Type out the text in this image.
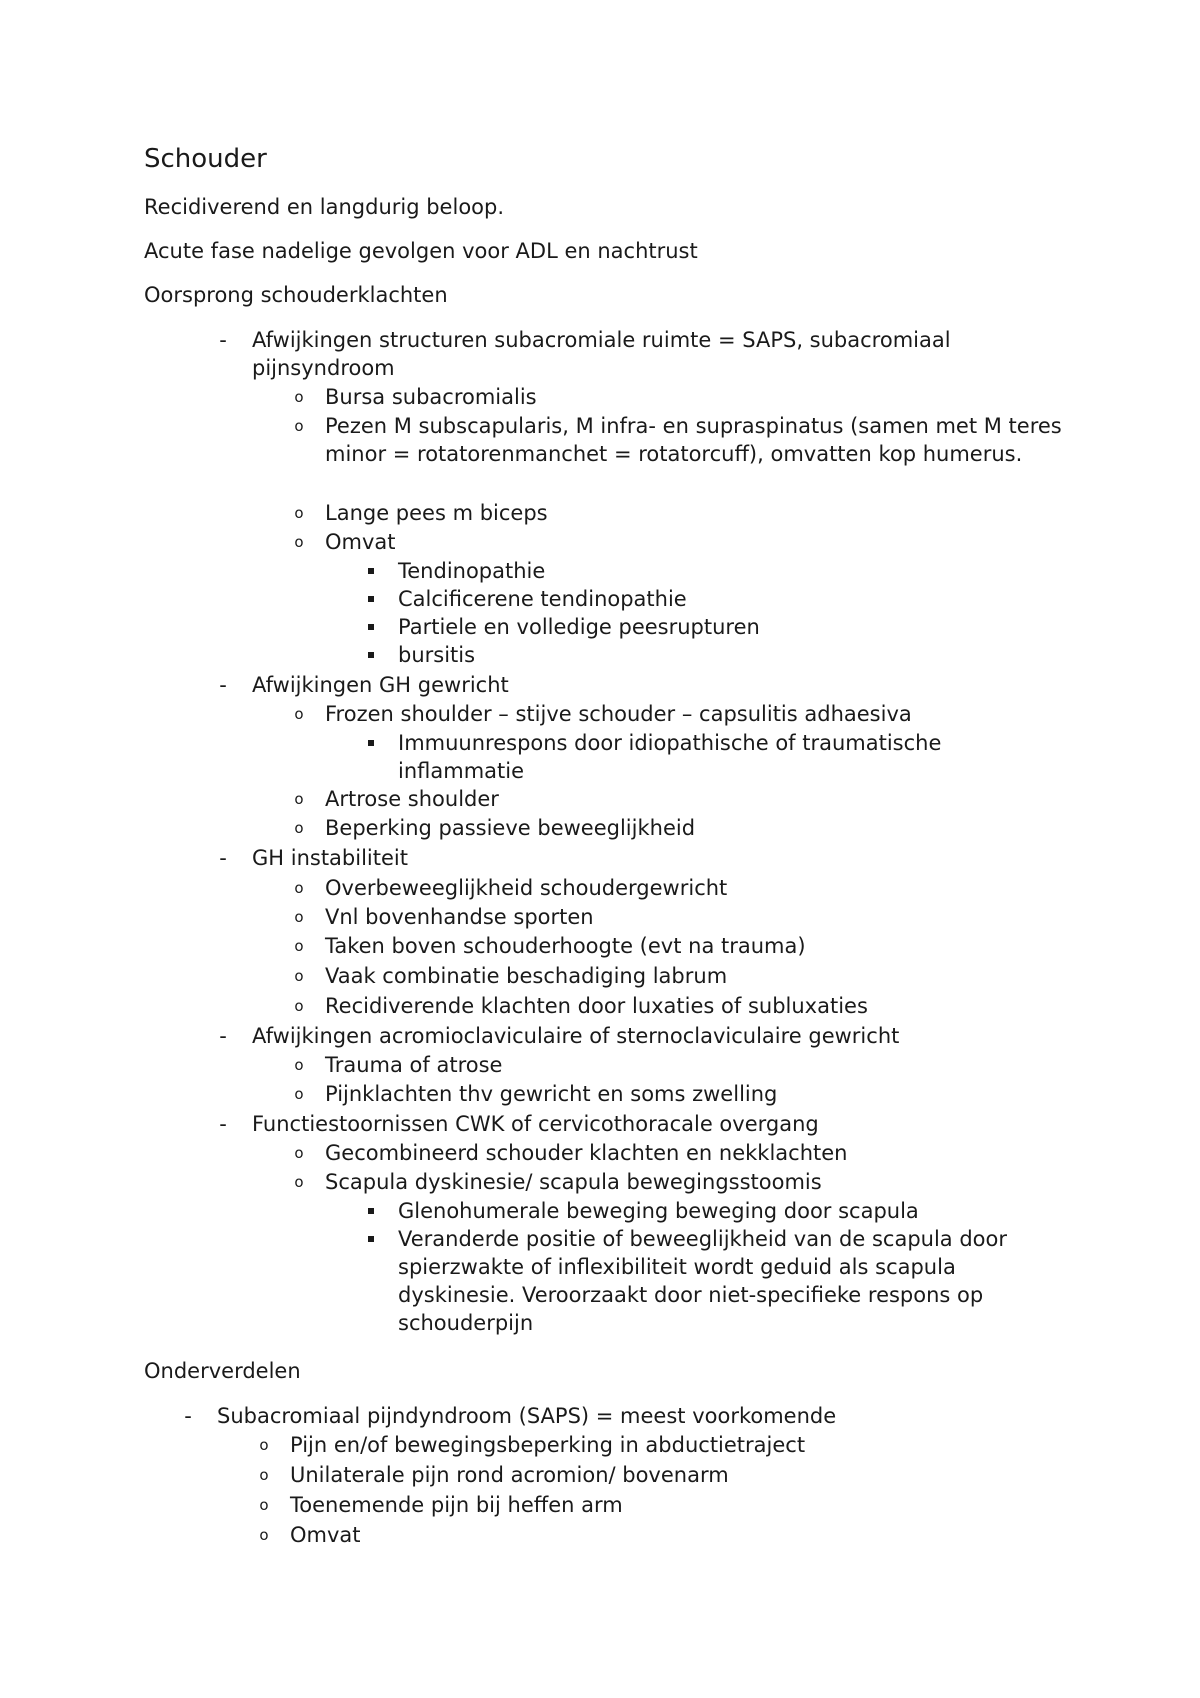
Schouder
Recidiverend en langdurig beloop.
Acute fase nadelige gevolgen voor ADL en nachtrust
Oorsprong schouderklachten
- Afwijkingen structuren subacromiale ruimte = SAPS, subacromiaal pijnsyndroom
o Bursa subacromialis
o Pezen M subscapularis, M infra- en supraspinatus (samen met M teres minor = rotatorenmanchet = rotatorcuff), omvatten kop humerus.
o Lange pees m biceps
o Omvat
Tendinopathie
Calcificerene tendinopathie
Partiele en volledige peesrupturen
bursitis
- Afwijkingen GH gewricht
o Frozen shoulder – stijve schouder – capsulitis adhaesiva
Immuunrespons door idiopathische of traumatische inflammatie
o Artrose shoulder
o Beperking passieve beweeglijkheid
- GH instabiliteit
o Overbeweeglijkheid schoudergewricht
o Vnl bovenhandse sporten
o Taken boven schouderhoogte (evt na trauma)
o Vaak combinatie beschadiging labrum
o Recidiverende klachten door luxaties of subluxaties
- Afwijkingen acromioclaviculaire of sternoclaviculaire gewricht
o Trauma of atrose
o Pijnklachten thv gewricht en soms zwelling
- Functiestoornissen CWK of cervicothoracale overgang
o Gecombineerd schouder klachten en nekklachten
o Scapula dyskinesie/ scapula bewegingsstoomis
Glenohumerale beweging beweging door scapula
Veranderde positie of beweeglijkheid van de scapula door spierzwakte of inflexibiliteit wordt geduid als scapula dyskinesie. Veroorzaakt door niet-specifieke respons op schouderpijn
Onderverdelen
- Subacromiaal pijndyndroom (SAPS) = meest voorkomende
o Pijn en/of bewegingsbeperking in abductietraject
o Unilaterale pijn rond acromion/ bovenarm
o Toenemende pijn bij heffen arm
o Omvat
